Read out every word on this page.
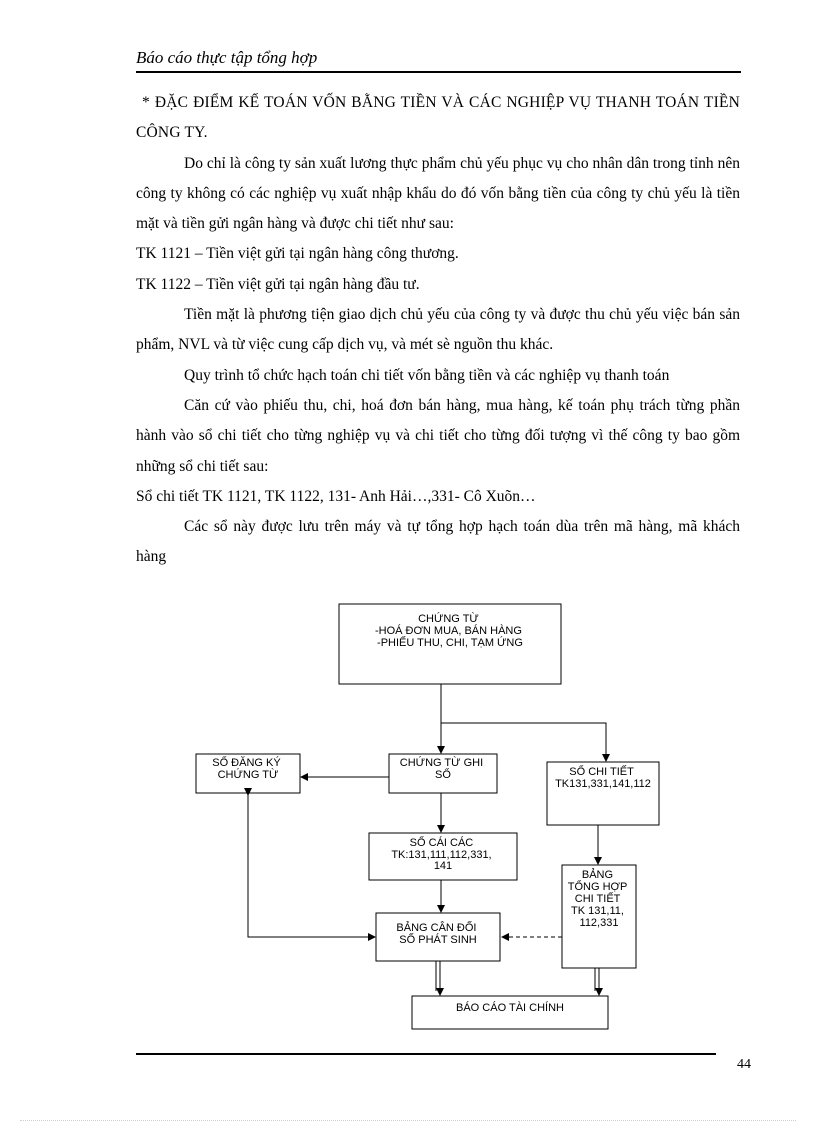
Báo cáo thực tập tổng hợp

* ĐẶC ĐIỂM KẾ TOÁN VỐN BẰNG TIỀN VÀ CÁC NGHIỆP VỤ THANH TOÁN TIỀN CÔNG TY.

Do chỉ là công ty sản xuất lương thực phẩm chủ yếu phục vụ cho nhân dân trong tỉnh nên công ty không có các nghiệp vụ xuất nhập khẩu do đó vốn bằng tiền của công ty chủ yếu là tiền mặt và tiền gửi ngân hàng và được chi tiết như sau:

TK 1121 – Tiền việt gửi tại ngân hàng công thương.

TK 1122 – Tiền việt gửi tại ngân hàng đầu tư.

Tiền mặt là phương tiện giao dịch chủ yếu của công ty và được thu chủ yếu việc bán sản phẩm, NVL và từ việc cung cấp dịch vụ, và mét sè nguồn thu khác.

Quy trình tổ chức hạch toán chi tiết vốn bằng tiền và các nghiệp vụ thanh toán

Căn cứ vào phiếu thu, chi, hoá đơn bán hàng, mua hàng, kế toán phụ trách từng phần hành vào sổ chi tiết cho từng nghiệp vụ và chi tiết cho từng đối tượng vì thế công ty bao gồm những sổ chi tiết sau:

Sổ chi tiết TK 1121, TK 1122, 131- Anh Hải…,331- Cô Xuõn…

Các sổ này được lưu trên máy và tự tổng hợp hạch toán dùa trên mã hàng, mã khách hàng

CHỨNG TỪ -HOÁ ĐƠN MUA, BÁN HÀNG -PHIẾU THU, CHI, TẠM ỨNG
SỔ ĐĂNG KÝ CHỨNG TỪ
CHỨNG TỪ GHI SỔ	SỔ CHI TIẾT TK131,331,141,112
SỔ CÁI CÁC TK:131,111,112,331, 141
BẢNG TỔNG HỢP CHI TIẾT TK 131,11, 112,331
BẢNG CÂN ĐỐI SỐ PHÁT SINH
BÁO CÁO TÀI CHÍNH
44
